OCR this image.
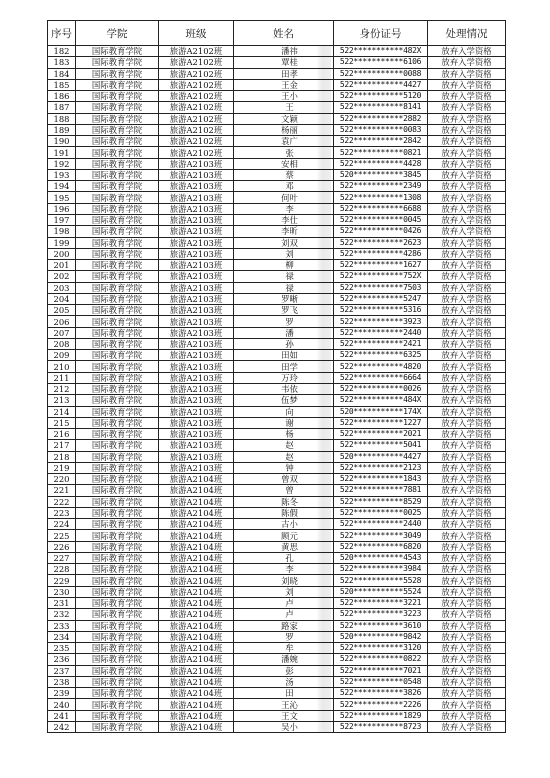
序号	学院	班级	姓名	身份证号	处理情况
182	国际教育学院	旅游A2102班	潘祎	522***********482X	放弃入学资格
183	国际教育学院	旅游A2102班	覃桂	522***********6106	放弃入学资格
184	国际教育学院	旅游A2102班	田孝	522***********0088	放弃入学资格
185	国际教育学院	旅游A2102班	王金	522***********4427	放弃入学资格
186	国际教育学院	旅游A2102班	王小	522***********5120	放弃入学资格
187	国际教育学院	旅游A2102班	王	522***********8141	放弃入学资格
188	国际教育学院	旅游A2102班	文颖	522***********2882	放弃入学资格
189	国际教育学院	旅游A2102班	杨丽	522***********0083	放弃入学资格
190	国际教育学院	旅游A2102班	袁广	522***********2842	放弃入学资格
191	国际教育学院	旅游A2102班	张	522***********0821	放弃入学资格
192	国际教育学院	旅游A2103班	安相	522***********4428	放弃入学资格
193	国际教育学院	旅游A2103班	蔡	520***********3845	放弃入学资格
194	国际教育学院	旅游A2103班	邓	522***********2349	放弃入学资格
195	国际教育学院	旅游A2103班	何叶	522***********1308	放弃入学资格
196	国际教育学院	旅游A2103班	李	522***********6688	放弃入学资格
197	国际教育学院	旅游A2103班	李仕	522***********0045	放弃入学资格
198	国际教育学院	旅游A2103班	李昕	522***********0426	放弃入学资格
199	国际教育学院	旅游A2103班	刘双	522***********2623	放弃入学资格
200	国际教育学院	旅游A2103班	刘	522***********4286	放弃入学资格
201	国际教育学院	旅游A2103班	柳	522***********1627	放弃入学资格
202	国际教育学院	旅游A2103班	禄	522***********752X	放弃入学资格
203	国际教育学院	旅游A2103班	禄	522***********7503	放弃入学资格
204	国际教育学院	旅游A2103班	罗晰	522***********5247	放弃入学资格
205	国际教育学院	旅游A2103班	罗飞	522***********5316	放弃入学资格
206	国际教育学院	旅游A2103班	罗	522***********3923	放弃入学资格
207	国际教育学院	旅游A2103班	潘	522***********2440	放弃入学资格
208	国际教育学院	旅游A2103班	孙	522***********2421	放弃入学资格
209	国际教育学院	旅游A2103班	田如	522***********6325	放弃入学资格
210	国际教育学院	旅游A2103班	田学	522***********4820	放弃入学资格
211	国际教育学院	旅游A2103班	万玲	522***********6664	放弃入学资格
212	国际教育学院	旅游A2103班	韦依	522***********0026	放弃入学资格
213	国际教育学院	旅游A2103班	伍梦	522***********484X	放弃入学资格
214	国际教育学院	旅游A2103班	向	520***********174X	放弃入学资格
215	国际教育学院	旅游A2103班	谢	522***********1227	放弃入学资格
216	国际教育学院	旅游A2103班	杨	522***********2021	放弃入学资格
217	国际教育学院	旅游A2103班	赵	522***********5041	放弃入学资格
218	国际教育学院	旅游A2103班	赵	520***********4427	放弃入学资格
219	国际教育学院	旅游A2103班	钟	522***********2123	放弃入学资格
220	国际教育学院	旅游A2104班	曾双	522***********1843	放弃入学资格
221	国际教育学院	旅游A2104班	曾	522***********7881	放弃入学资格
222	国际教育学院	旅游A2104班	陈冬	522***********8529	放弃入学资格
223	国际教育学院	旅游A2104班	陈假	522***********0025	放弃入学资格
224	国际教育学院	旅游A2104班	古小	522***********2440	放弃入学资格
225	国际教育学院	旅游A2104班	顾元	522***********3049	放弃入学资格
226	国际教育学院	旅游A2104班	黄思	522***********6820	放弃入学资格
227	国际教育学院	旅游A2104班	孔	520***********4543	放弃入学资格
228	国际教育学院	旅游A2104班	李	522***********3984	放弃入学资格
229	国际教育学院	旅游A2104班	刘晓	522***********5528	放弃入学资格
230	国际教育学院	旅游A2104班	刘	520***********5524	放弃入学资格
231	国际教育学院	旅游A2104班	卢	522***********3221	放弃入学资格
232	国际教育学院	旅游A2104班	卢	522***********3223	放弃入学资格
233	国际教育学院	旅游A2104班	路家	522***********3610	放弃入学资格
234	国际教育学院	旅游A2104班	罗	520***********9842	放弃入学资格
235	国际教育学院	旅游A2104班	牟	522***********3120	放弃入学资格
236	国际教育学院	旅游A2104班	潘婉	522***********0822	放弃入学资格
237	国际教育学院	旅游A2104班	彭	522***********7021	放弃入学资格
238	国际教育学院	旅游A2104班	汤	522***********0548	放弃入学资格
239	国际教育学院	旅游A2104班	田	522***********3826	放弃入学资格
240	国际教育学院	旅游A2104班	王沁	522***********2226	放弃入学资格
241	国际教育学院	旅游A2104班	王文	522***********1829	放弃入学资格
242	国际教育学院	旅游A2104班	吴小	522***********8723	放弃入学资格
